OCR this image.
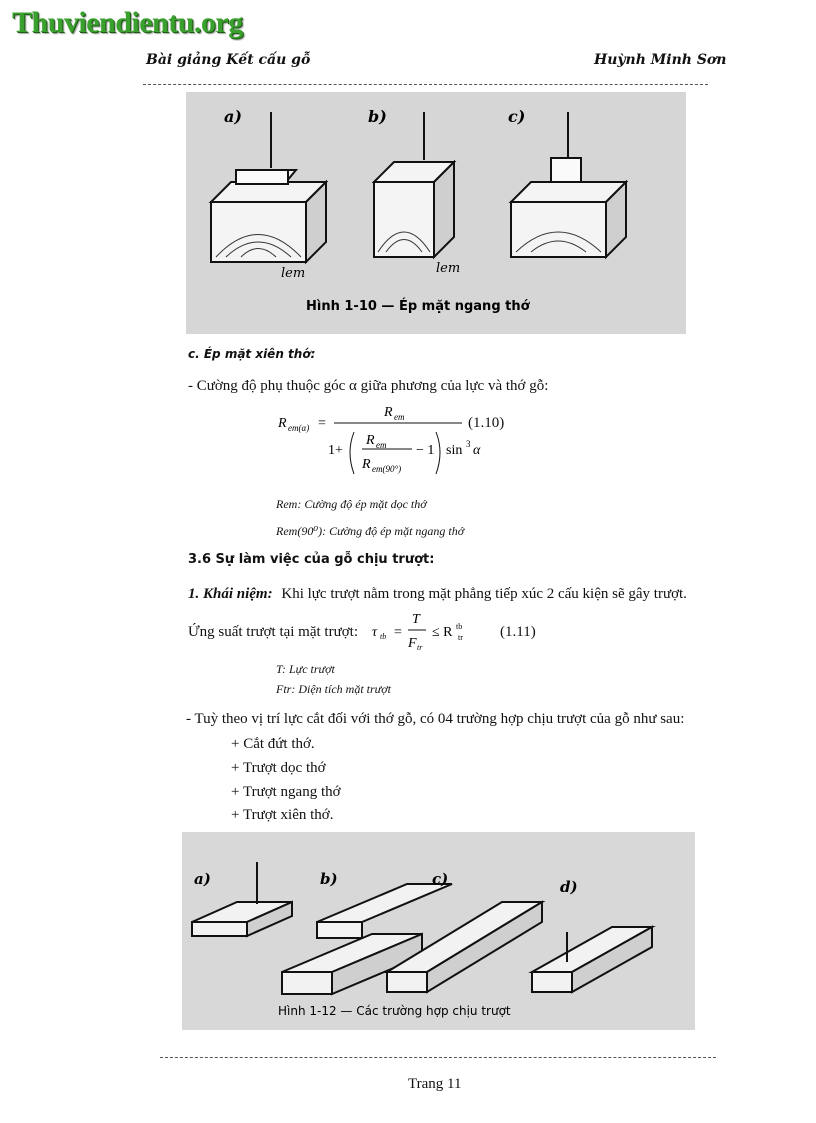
Thuviendientu.org
Bài giảng Kết cấu gỗ	Huỳnh Minh Sơn
a)	b)	c)
lem	lem
Hình 1-10 — Ép mặt ngang thớ
c. Ép mặt xiên thớ:
- Cường độ phụ thuộc góc α giữa phương của lực và thớ gỗ:
R em(α) =
R em
1+
R em
R em(90°)
− 1 sin 3 α
(1.10)
Rem: Cường độ ép mặt dọc thớ
Rem(90⁰): Cường độ ép mặt ngang thớ
3.6 Sự làm việc của gỗ chịu trượt:
1. Khái niệm: Khi lực trượt nằm trong mặt phẳng tiếp xúc 2 cấu kiện sẽ gây trượt.
Ứng suất trượt tại mặt trượt: τ tb =
T
F tr
≤ R tb
tr (1.11)
T: Lực trượt
Ftr: Diện tích mặt trượt
- Tuỳ theo vị trí lực cắt đối với thớ gỗ, có 04 trường hợp chịu trượt của gỗ như sau:
+ Cắt đứt thớ.
+ Trượt dọc thớ
+ Trượt ngang thớ
+ Trượt xiên thớ.
a)	b)	c)	d)
Hình 1-12 — Các trường hợp chịu trượt
Trang 11
